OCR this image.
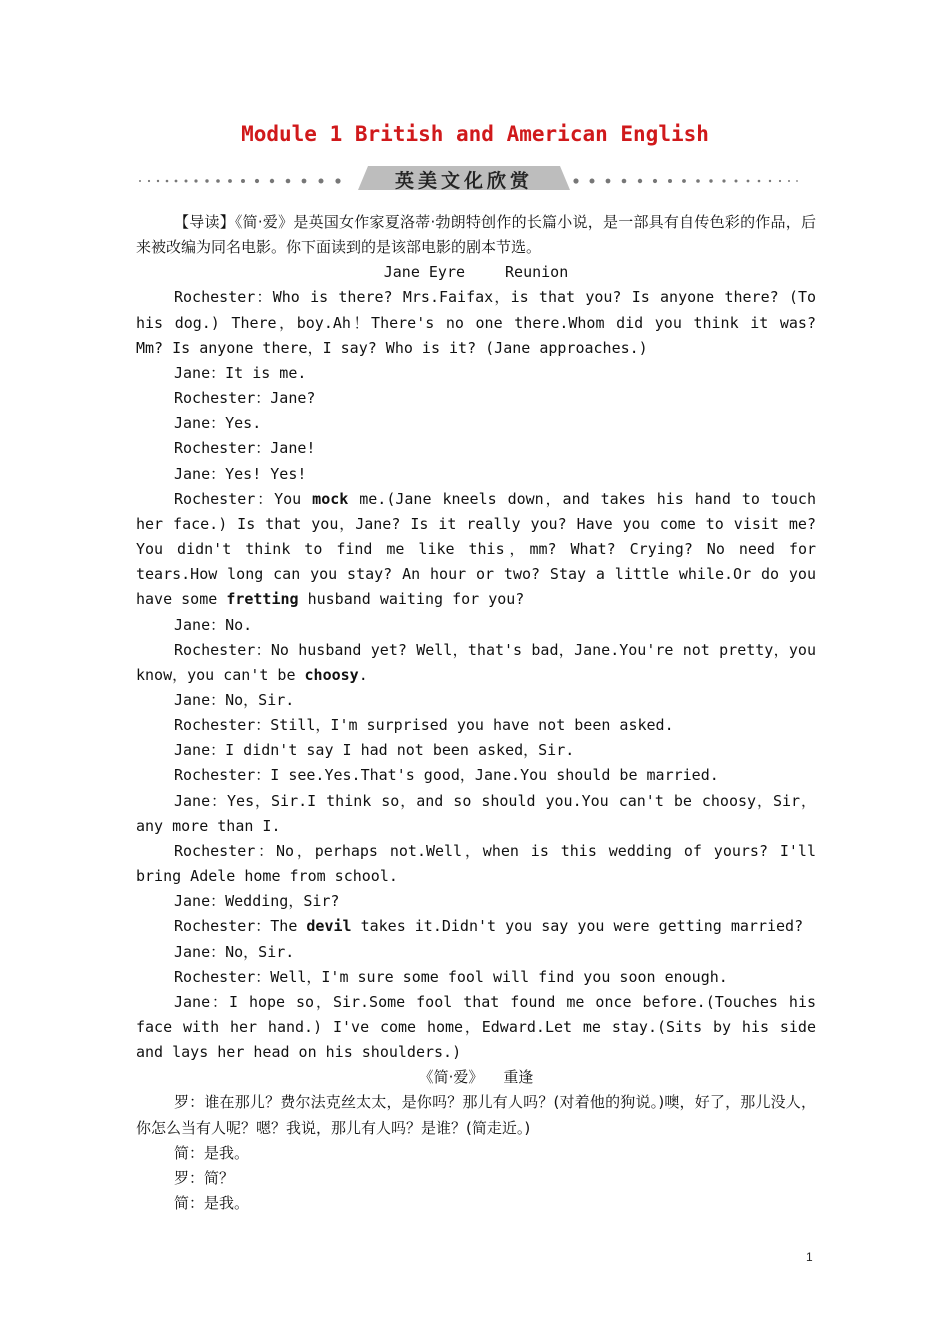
Module 1 British and American English
英美文化欣赏

【导读】《简·爱》是英国女作家夏洛蒂·勃朗特创作的长篇小说，是一部具有自传色彩的作品，后来被改编为同名电影。你下面读到的是该部电影的剧本节选。

Jane Eyre	Reunion

Rochester：Who is there? Mrs.Faifax，is that you? Is anyone there? (To his dog.) There，boy.Ah！There's no one there.Whom did you think it was? Mm? Is anyone there，I say? Who is it? (Jane approaches.)

Jane：It is me.

Rochester：Jane?

Jane：Yes.

Rochester：Jane!

Jane：Yes! Yes!

Rochester：You mock me.(Jane kneels down，and takes his hand to touch her face.) Is that you，Jane? Is it really you? Have you come to visit me? You didn't think to find me like this，mm? What? Crying? No need for tears.How long can you stay? An hour or two? Stay a little while.Or do you have some fretting husband waiting for you?

Jane：No.

Rochester：No husband yet? Well，that's bad，Jane.You're not pretty，you know，you can't be choosy.

Jane：No，Sir.

Rochester：Still，I'm surprised you have not been asked.

Jane：I didn't say I had not been asked，Sir.

Rochester：I see.Yes.That's good，Jane.You should be married.

Jane：Yes，Sir.I think so，and so should you.You can't be choosy，Sir，any more than I.

Rochester：No，perhaps not.Well，when is this wedding of yours? I'll bring Adele home from school.

Jane：Wedding，Sir?

Rochester：The devil takes it.Didn't you say you were getting married?

Jane：No，Sir.

Rochester：Well，I'm sure some fool will find you soon enough.

Jane：I hope so，Sir.Some fool that found me once before.(Touches his face with her hand.) I've come home，Edward.Let me stay.(Sits by his side and lays her head on his shoulders.)

《简·爱》 重逢

罗：谁在那儿？费尔法克丝太太，是你吗？那儿有人吗？(对着他的狗说。)噢，好了，那儿没人，你怎么当有人呢？嗯？我说，那儿有人吗？是谁？(简走近。)

简：是我。

罗：简？

简：是我。

1
